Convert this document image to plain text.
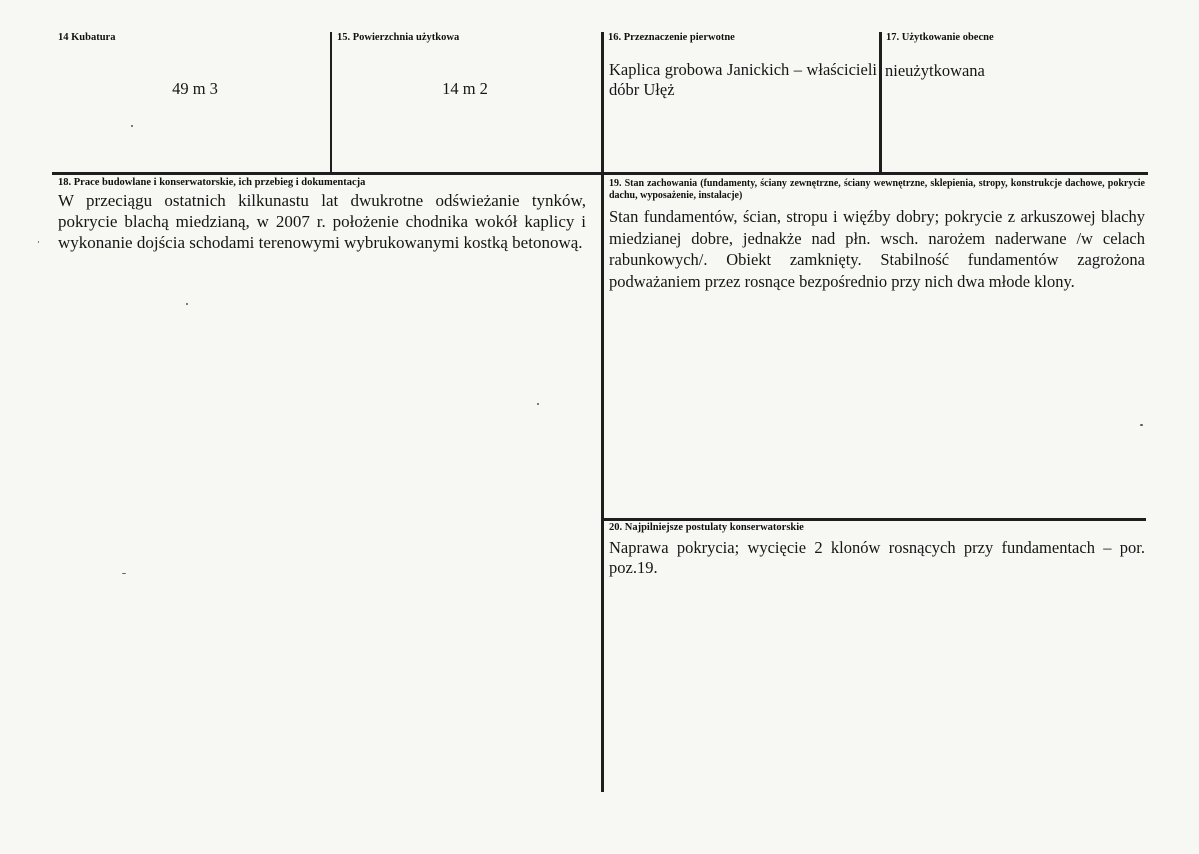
14 Kubatura
49 m 3
15. Powierzchnia użytkowa
14 m 2
16. Przeznaczenie pierwotne
Kaplica grobowa Janickich – właścicieli dóbr Ułęż
17. Użytkowanie obecne
nieużytkowana
18. Prace budowlane i konserwatorskie, ich przebieg i dokumentacja
W przeciągu ostatnich kilkunastu lat dwukrotne odświeżanie tynków, pokrycie blachą miedzianą, w 2007 r. położenie chodnika wokół kaplicy i wykonanie dojścia schodami terenowymi wybrukowanymi kostką betonową.
19. Stan zachowania (fundamenty, ściany zewnętrzne, ściany wewnętrzne, sklepienia, stropy, konstrukcje dachowe, pokrycie dachu, wyposażenie, instalacje)
Stan fundamentów, ścian, stropu i więźby dobry; pokrycie z arkuszowej blachy miedzianej dobre, jednakże nad płn. wsch. narożem naderwane /w celach rabunkowych/. Obiekt zamknięty. Stabilność fundamentów zagrożona podważaniem przez rosnące bezpośrednio przy nich dwa młode klony.
20. Najpilniejsze postulaty konserwatorskie
Naprawa pokrycia; wycięcie 2 klonów rosnących przy fundamentach – por. poz.19.
